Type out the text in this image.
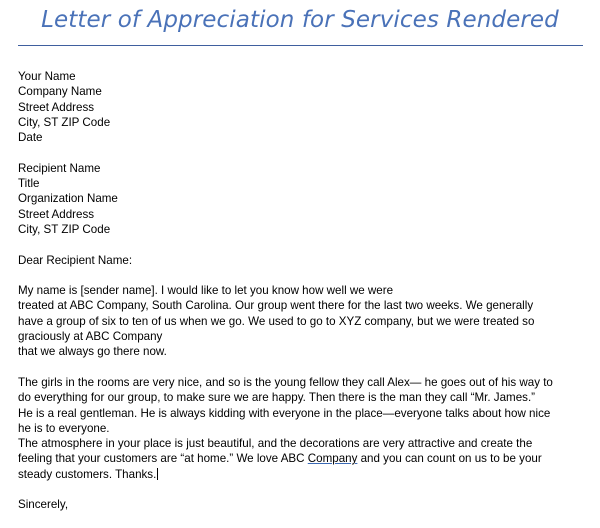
Letter of Appreciation for Services Rendered
Your Name
Company Name
Street Address
City, ST ZIP Code
Date
Recipient Name
Title
Organization Name
Street Address
City, ST ZIP Code
Dear Recipient Name:
My name is [sender name]. I would like to let you know how well we were
treated at ABC Company, South Carolina. Our group went there for the last two weeks. We generally
have a group of six to ten of us when we go. We used to go to XYZ company, but we were treated so
graciously at ABC Company
that we always go there now.
The girls in the rooms are very nice, and so is the young fellow they call Alex— he goes out of his way to
do everything for our group, to make sure we are happy. Then there is the man they call “Mr. James.”
He is a real gentleman. He is always kidding with everyone in the place—everyone talks about how nice
he is to everyone.
The atmosphere in your place is just beautiful, and the decorations are very attractive and create the
feeling that your customers are “at home.” We love ABC Company and you can count on us to be your
steady customers. Thanks.
Sincerely,
